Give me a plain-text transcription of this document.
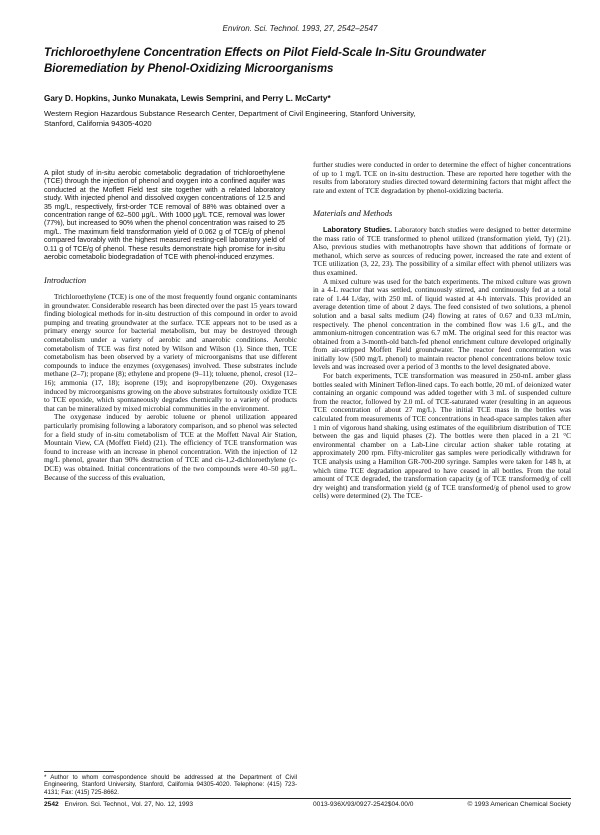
Environ. Sci. Technol. 1993, 27, 2542–2547
Trichloroethylene Concentration Effects on Pilot Field-Scale In-Situ Groundwater Bioremediation by Phenol-Oxidizing Microorganisms
Gary D. Hopkins, Junko Munakata, Lewis Semprini, and Perry L. McCarty*
Western Region Hazardous Substance Research Center, Department of Civil Engineering, Stanford University,
Stanford, California 94305-4020

A pilot study of in-situ aerobic cometabolic degradation of trichloroethylene (TCE) through the injection of phenol and oxygen into a confined aquifer was conducted at the Moffett Field test site together with a related laboratory study. With injected phenol and dissolved oxygen concentrations of 12.5 and 35 mg/L, respectively, first-order TCE removal of 88% was obtained over a concentration range of 62–500 μg/L. With 1000 μg/L TCE, removal was lower (77%), but increased to 90% when the phenol concentration was raised to 25 mg/L. The maximum field transformation yield of 0.062 g of TCE/g of phenol compared favorably with the highest measured resting-cell laboratory yield of 0.11 g of TCE/g of phenol. These results demonstrate high promise for in-situ aerobic cometabolic biodegradation of TCE with phenol-induced enzymes.

Introduction

Trichloroethylene (TCE) is one of the most frequently found organic contaminants in groundwater. Considerable research has been directed over the past 15 years toward finding biological methods for in-situ destruction of this compound in order to avoid pumping and treating groundwater at the surface. TCE appears not to be used as a primary energy source for bacterial metabolism, but may be destroyed through cometabolism under a variety of aerobic and anaerobic conditions. Aerobic cometabolism of TCE was first noted by Wilson and Wilson (1). Since then, TCE cometabolism has been observed by a variety of microorganisms that use different compounds to induce the enzymes (oxygenases) involved. These substrates include methane (2–7); propane (8); ethylene and propene (9–11); toluene, phenol, cresol (12–16); ammonia (17, 18); isoprene (19); and isopropylbenzene (20). Oxygenases induced by microorganisms growing on the above substrates fortuitously oxidize TCE to TCE epoxide, which spontaneously degrades chemically to a variety of products that can be mineralized by mixed microbial communities in the environment.

The oxygenase induced by aerobic toluene or phenol utilization appeared particularly promising following a laboratory comparison, and so phenol was selected for a field study of in-situ cometabolism of TCE at the Moffett Naval Air Station, Mountain View, CA (Moffett Field) (21). The efficiency of TCE transformation was found to increase with an increase in phenol concentration. With the injection of 12 mg/L phenol, greater than 90% destruction of TCE and cis-1,2-dichloroethylene (c-DCE) was obtained. Initial concentrations of the two compounds were 40–50 μg/L. Because of the success of this evaluation,

further studies were conducted in order to determine the effect of higher concentrations of up to 1 mg/L TCE on in-situ destruction. These are reported here together with the results from laboratory studies directed toward determining factors that might affect the rate and extent of TCE degradation by phenol-oxidizing bacteria.

Materials and Methods

Laboratory Studies. Laboratory batch studies were designed to better determine the mass ratio of TCE transformed to phenol utilized (transformation yield, Ty) (21). Also, previous studies with methanotrophs have shown that additions of formate or methanol, which serve as sources of reducing power, increased the rate and extent of TCE utilization (3, 22, 23). The possibility of a similar effect with phenol utilizers was thus examined.

A mixed culture was used for the batch experiments. The mixed culture was grown in a 4-L reactor that was settled, continuously stirred, and continuously fed at a total rate of 1.44 L/day, with 250 mL of liquid wasted at 4-h intervals. This provided an average detention time of about 2 days. The feed consisted of two solutions, a phenol solution and a basal salts medium (24) flowing at rates of 0.67 and 0.33 mL/min, respectively. The phenol concentration in the combined flow was 1.6 g/L, and the ammonium-nitrogen concentration was 6.7 mM. The original seed for this reactor was obtained from a 3-month-old batch-fed phenol enrichment culture developed originally from air-stripped Moffett Field groundwater. The reactor feed concentration was initially low (500 mg/L phenol) to maintain reactor phenol concentrations below toxic levels and was increased over a period of 3 months to the level designated above.

For batch experiments, TCE transformation was measured in 250-mL amber glass bottles sealed with Mininert Teflon-lined caps. To each bottle, 20 mL of deionized water containing an organic compound was added together with 3 mL of suspended culture from the reactor, followed by 2.0 mL of TCE-saturated water (resulting in an aqueous TCE concentration of about 27 mg/L). The initial TCE mass in the bottles was calculated from measurements of TCE concentrations in head-space samples taken after 1 min of vigorous hand shaking, using estimates of the equilibrium distribution of TCE between the gas and liquid phases (2). The bottles were then placed in a 21 °C environmental chamber on a Lab-Line circular action shaker table rotating at approximately 200 rpm. Fifty-microliter gas samples were periodically withdrawn for TCE analysis using a Hamilton GR-700-200 syringe. Samples were taken for 148 h, at which time TCE degradation appeared to have ceased in all bottles. From the total amount of TCE degraded, the transformation capacity (g of TCE transformed/g of cell dry weight) and transformation yield (g of TCE transformed/g of phenol used to grow cells) were determined (2). The TCE-

* Author to whom correspondence should be addressed at the Department of Civil Engineering, Stanford University, Stanford, California 94305-4020. Telephone: (415) 723-4131; Fax: (415) 725-8662.
2542 Environ. Sci. Technol., Vol. 27, No. 12, 1993	0013-936X/93/0927-2542$04.00/0	© 1993 American Chemical Society
